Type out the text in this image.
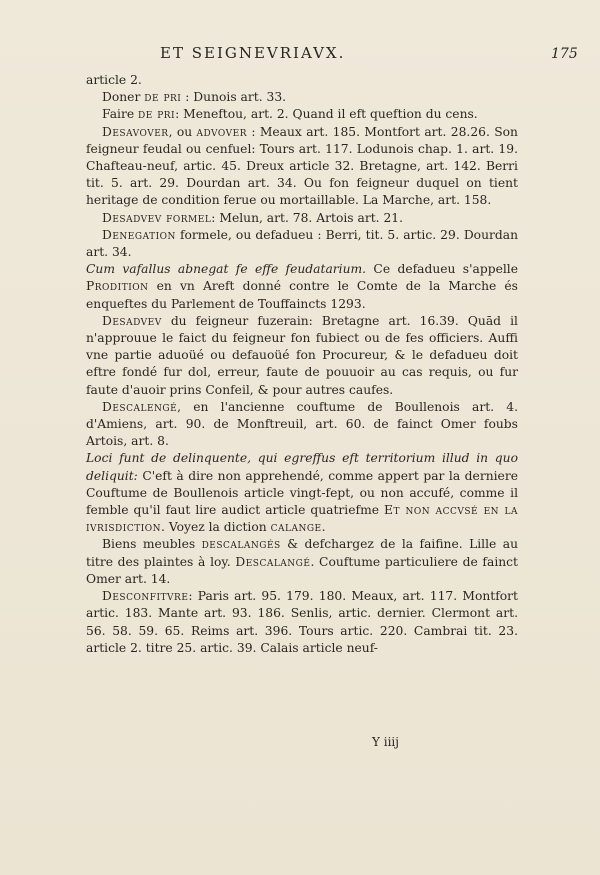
ET SEIGNEVRIAVX.	175

article 2.

Doner de pri : Dunois art. 33.

Faire de pri: Meneftou, art. 2. Quand il eft queftion du cens.

Desavover, ou advover : Meaux art. 185. Montfort art. 28.26. Son feigneur feudal ou cenfuel: Tours art. 117. Lodunois chap. 1. art. 19. Chafteau-neuf, artic. 45. Dreux article 32. Bretagne, art. 142. Berri tit. 5. art. 29. Dourdan art. 34. Ou fon feigneur duquel on tient heritage de condition ferue ou mortaillable. La Marche, art. 158.

Desadvev formel: Melun, art. 78. Artois art. 21.

Denegation formele, ou defadueu : Berri, tit. 5. artic. 29. Dourdan art. 34.

Cum vafallus abnegat fe effe feudatarium. Ce defadueu s'appelle Prodition en vn Areft donné contre le Comte de la Marche és enqueftes du Parlement de Touffaincts 1293.

Desadvev du feigneur fuzerain: Bretagne art. 16.39. Quād il n'approuue le faict du feigneur fon fubiect ou de fes officiers. Auffi vne partie aduoüé ou defauoüé fon Procureur, & le defadueu doit eftre fondé fur dol, erreur, faute de pouuoir au cas requis, ou fur faute d'auoir prins Confeil, & pour autres caufes.

Descalengé, en l'ancienne couftume de Boullenois art. 4. d'Amiens, art. 90. de Monftreuil, art. 60. de fainct Omer foubs Artois, art. 8.

Loci funt de delinquente, qui egreffus eft territorium illud in quo deliquit: C'eft à dire non apprehendé, comme appert par la derniere Couftume de Boullenois article vingt-fept, ou non accufé, comme il femble qu'il faut lire audict article quatriefme Et non accvsé en la ivrisdiction. Voyez la diction calange.

Biens meubles descalangés & defchargez de la faifine. Lille au titre des plaintes à loy. Descalangé. Couftume particuliere de fainct Omer art. 14.

Desconfitvre: Paris art. 95. 179. 180. Meaux, art. 117. Montfort artic. 183. Mante art. 93. 186. Senlis, artic. dernier. Clermont art. 56. 58. 59. 65. Reims art. 396. Tours artic. 220. Cambrai tit. 23. article 2. titre 25. artic. 39. Calais article neuf-

Y iiij
